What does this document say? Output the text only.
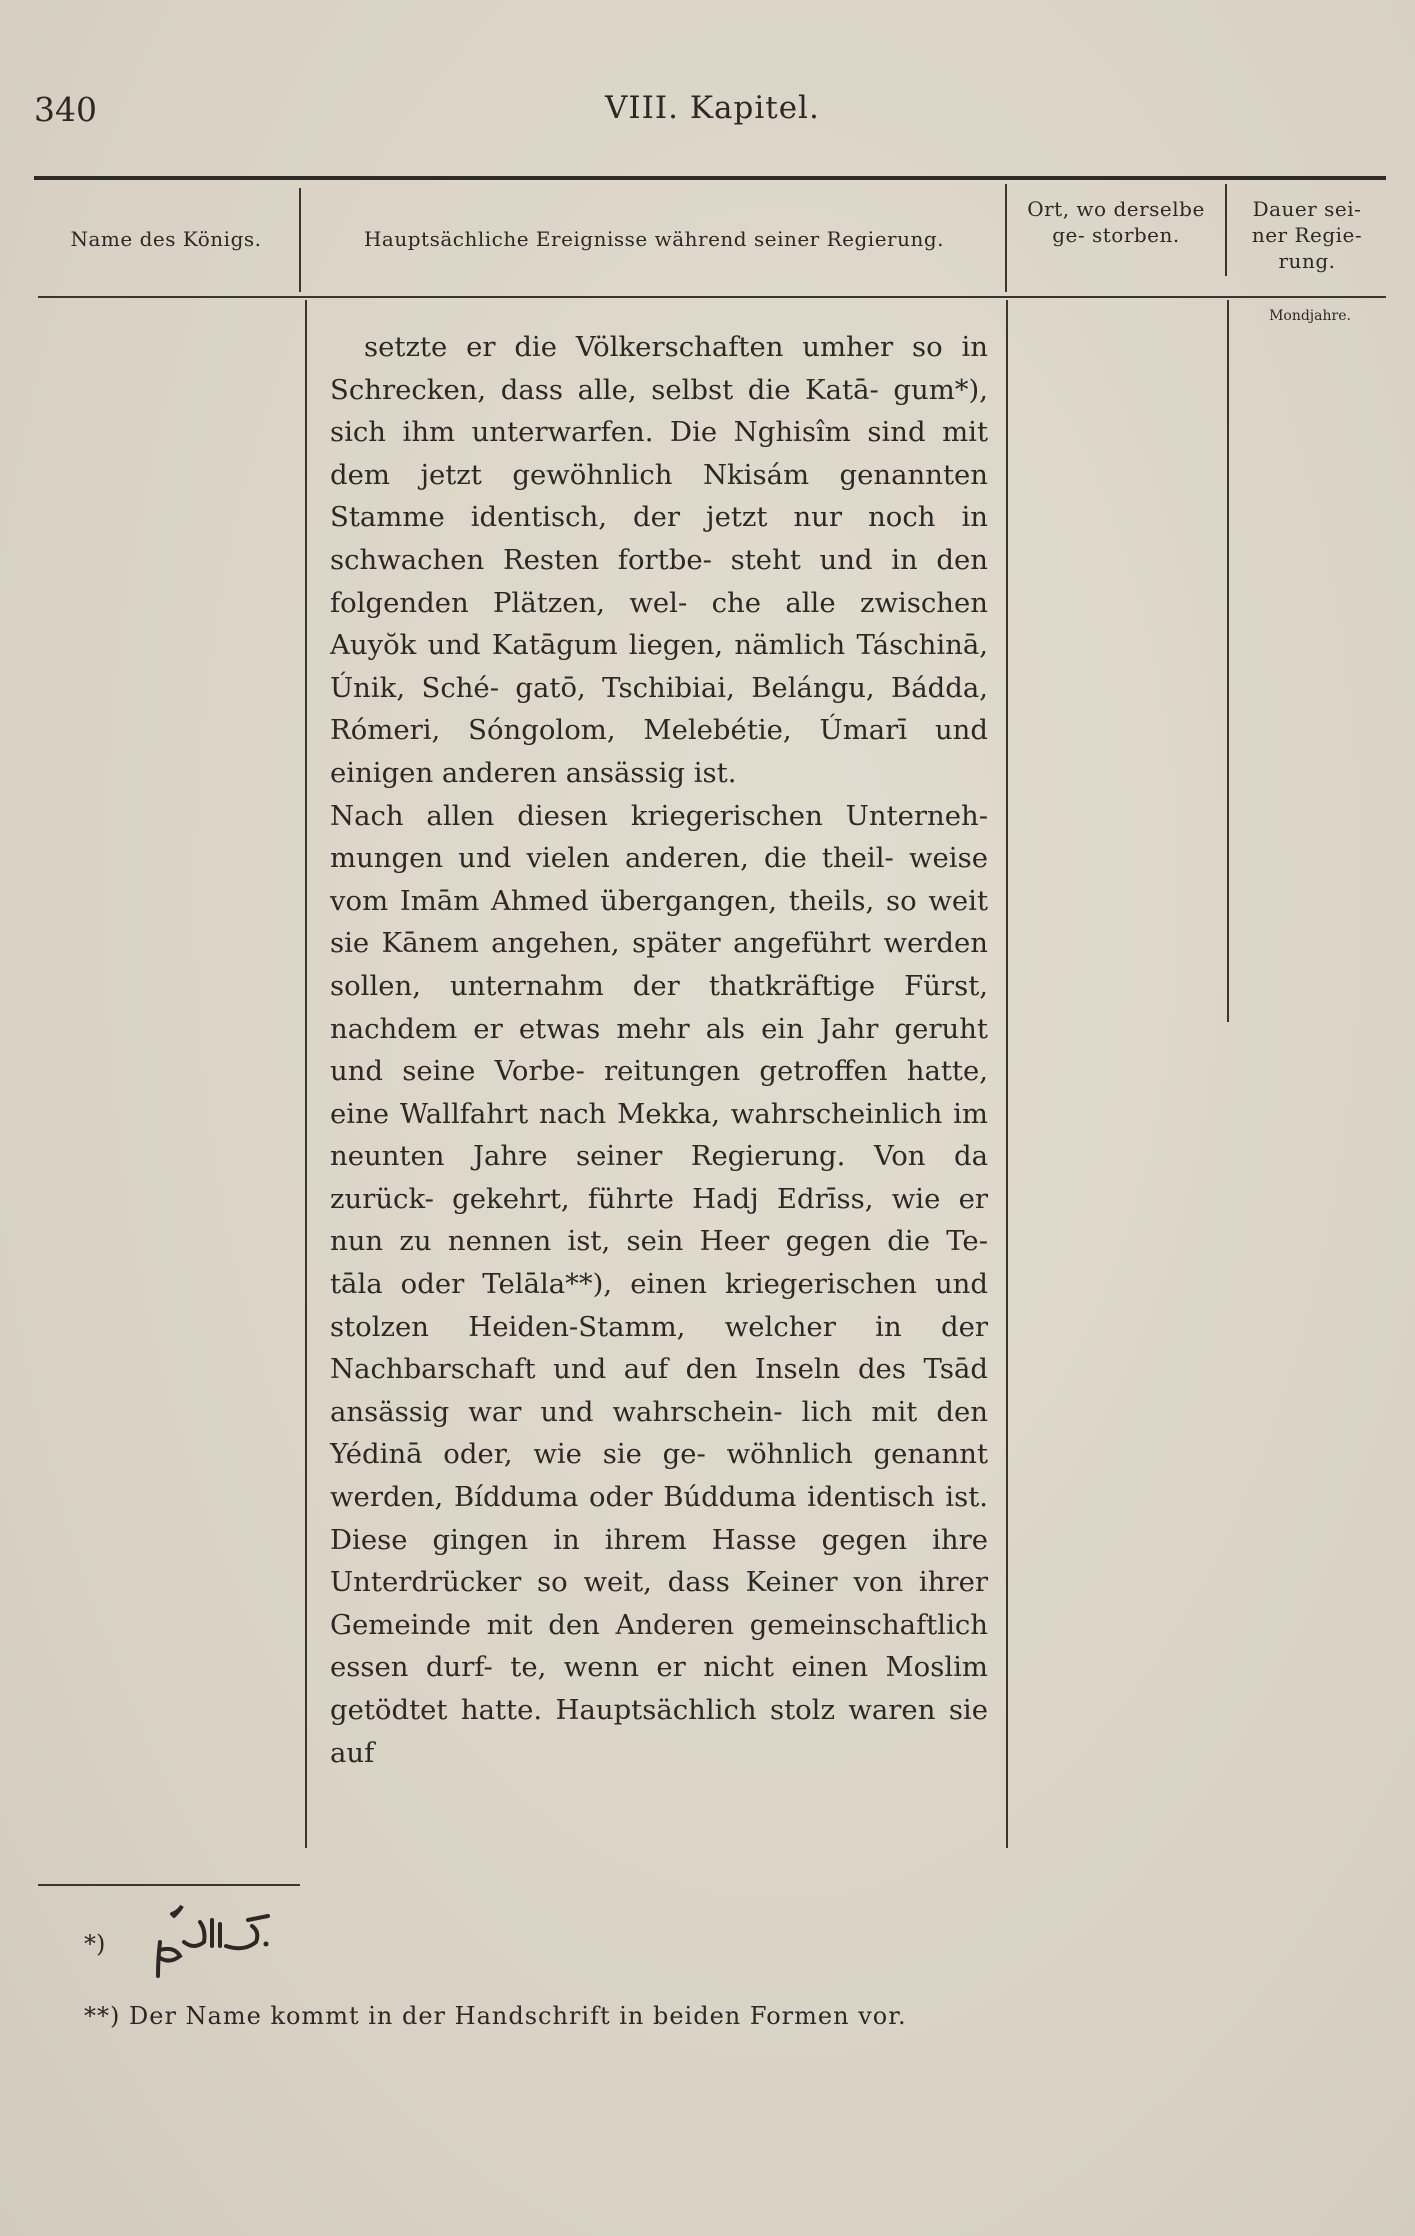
340	VIII. Kapitel.
Name des Königs.	Hauptsächliche Ereignisse während seiner Regierung.
Ort, wo derselbe ge- storben.
Dauer sei- ner Regie- rung.
Mondjahre.

setzte er die Völkerschaften umher so in Schrecken, dass alle, selbst die Katā- gum*), sich ihm unterwarfen. Die Nghisîm sind mit dem jetzt gewöhnlich Nkisám genannten Stamme identisch, der jetzt nur noch in schwachen Resten fortbe- steht und in den folgenden Plätzen, wel- che alle zwischen Auyŏk und Katāgum liegen, nämlich Táschinā, Únik, Sché- gatō, Tschibiai, Belángu, Bádda, Rómeri, Sóngolom, Melebétie, Úmarī und einigen anderen ansässig ist.

Nach allen diesen kriegerischen Unterneh- mungen und vielen anderen, die theil- weise vom Imām Ahmed übergangen, theils, so weit sie Kānem angehen, später angeführt werden sollen, unternahm der thatkräftige Fürst, nachdem er etwas mehr als ein Jahr geruht und seine Vorbe- reitungen getroffen hatte, eine Wallfahrt nach Mekka, wahrscheinlich im neunten Jahre seiner Regierung. Von da zurück- gekehrt, führte Hadj Edrīss, wie er nun zu nennen ist, sein Heer gegen die Te- tāla oder Telāla**), einen kriegerischen und stolzen Heiden-Stamm, welcher in der Nachbarschaft und auf den Inseln des Tsād ansässig war und wahrschein- lich mit den Yédinā oder, wie sie ge- wöhnlich genannt werden, Bídduma oder Búdduma identisch ist. Diese gingen in ihrem Hasse gegen ihre Unterdrücker so weit, dass Keiner von ihrer Gemeinde mit den Anderen gemeinschaftlich essen durf- te, wenn er nicht einen Moslim getödtet hatte. Hauptsächlich stolz waren sie auf

*)
**) Der Name kommt in der Handschrift in beiden Formen vor.
